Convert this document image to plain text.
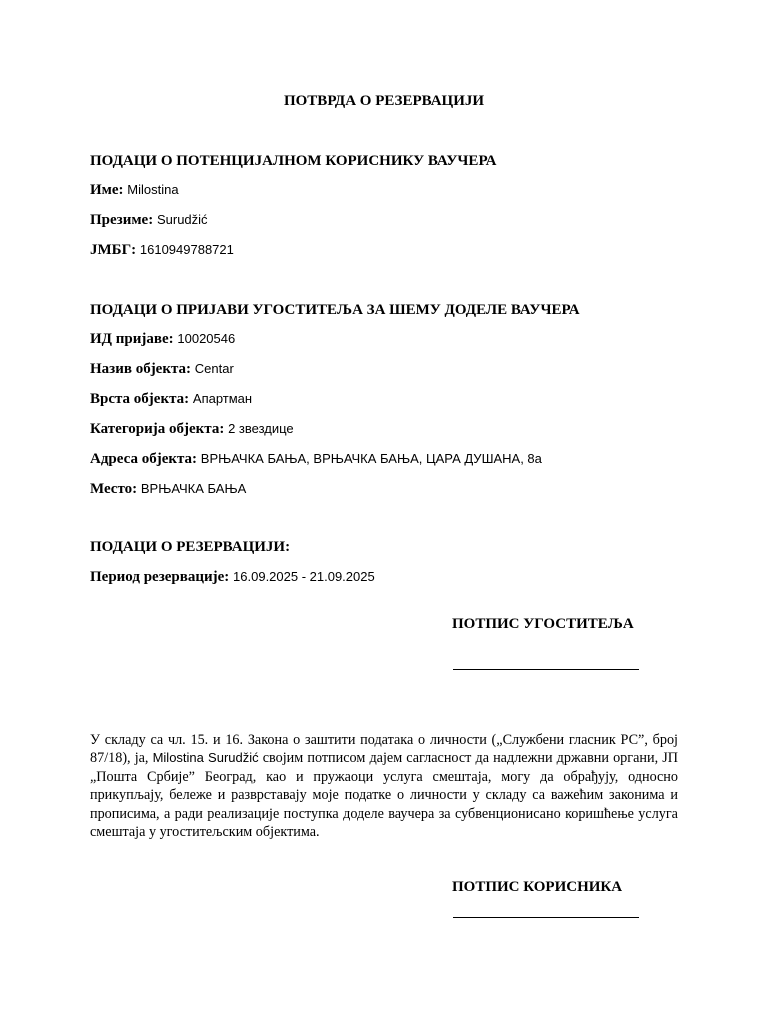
ПОТВРДА О РЕЗЕРВАЦИЈИ
ПОДАЦИ О ПОТЕНЦИЈАЛНОМ КОРИСНИКУ ВАУЧЕРА
Име: Milostina
Презиме: Surudžić
ЈМБГ: 1610949788721
ПОДАЦИ О ПРИЈАВИ УГОСТИТЕЉА ЗА ШЕМУ ДОДЕЛЕ ВАУЧЕРА
ИД пријаве: 10020546
Назив објекта: Centar
Врста објекта: Апартман
Категорија објекта: 2 звездице
Адреса објекта: ВРЊАЧКА БАЊА, ВРЊАЧКА БАЊА, ЦАРА ДУШАНА, 8а
Место: ВРЊАЧКА БАЊА
ПОДАЦИ О РЕЗЕРВАЦИЈИ:
Период резервације: 16.09.2025 - 21.09.2025
ПОТПИС УГОСТИТЕЉА
У складу са чл. 15. и 16. Закона о заштити података о личности („Службени гласник РС”, број 87/18), ја, Milostina Surudžić својим потписом дајем сагласност да надлежни државни органи, ЈП „Пошта Србије” Београд, као и пружаоци услуга смештаја, могу да обрађују, односно прикупљају, бележе и разврставају моје податке о личности у складу са важећим законима и прописима, а ради реализације поступка доделе ваучера за субвенционисано коришћење услуга смештаја у угоститељским објектима.
ПОТПИС КОРИСНИКА
